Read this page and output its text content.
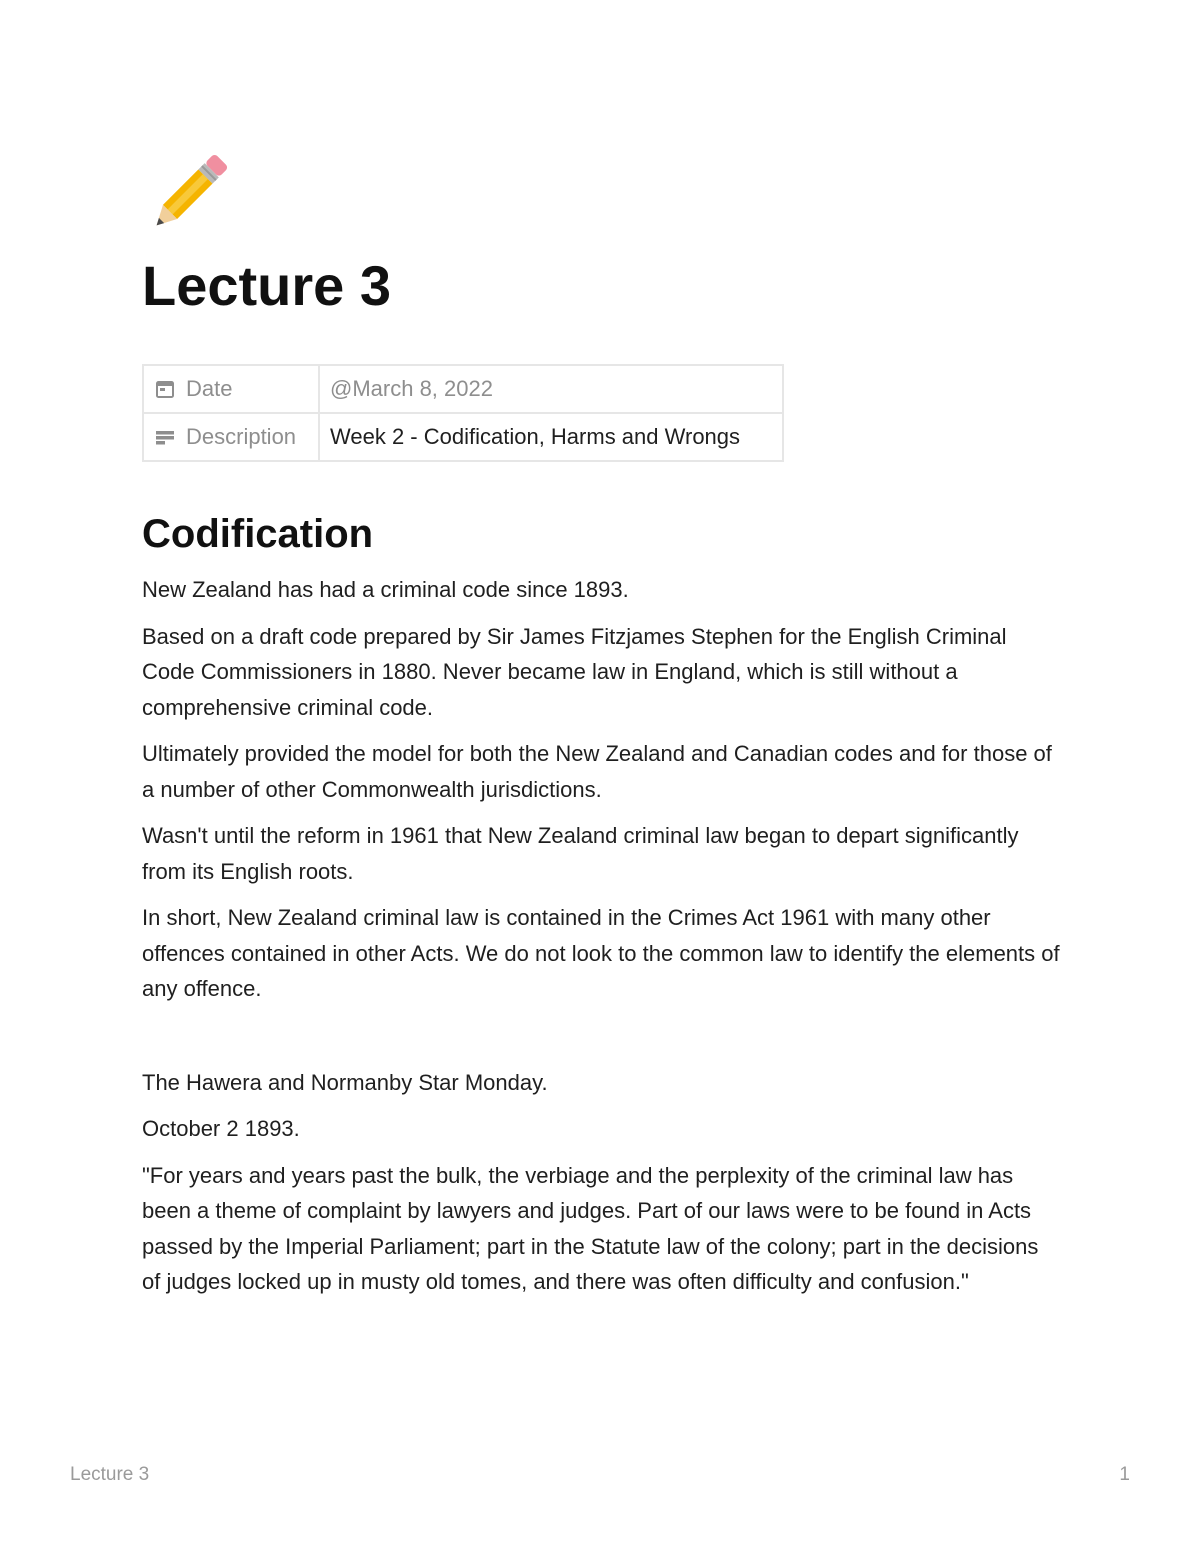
Lecture 3
Date	@March 8, 2022
Description	Week 2 - Codification, Harms and Wrongs
Codification

New Zealand has had a criminal code since 1893.

Based on a draft code prepared by Sir James Fitzjames Stephen for the English Criminal Code Commissioners in 1880. Never became law in England, which is still without a comprehensive criminal code.

Ultimately provided the model for both the New Zealand and Canadian codes and for those of a number of other Commonwealth jurisdictions.

Wasn't until the reform in 1961 that New Zealand criminal law began to depart significantly from its English roots.

In short, New Zealand criminal law is contained in the Crimes Act 1961 with many other offences contained in other Acts. We do not look to the common law to identify the elements of any offence.

The Hawera and Normanby Star Monday.

October 2 1893.

"For years and years past the bulk, the verbiage and the perplexity of the criminal law has been a theme of complaint by lawyers and judges. Part of our laws were to be found in Acts passed by the Imperial Parliament; part in the Statute law of the colony; part in the decisions of judges locked up in musty old tomes, and there was often difficulty and confusion."

Lecture 3	1
